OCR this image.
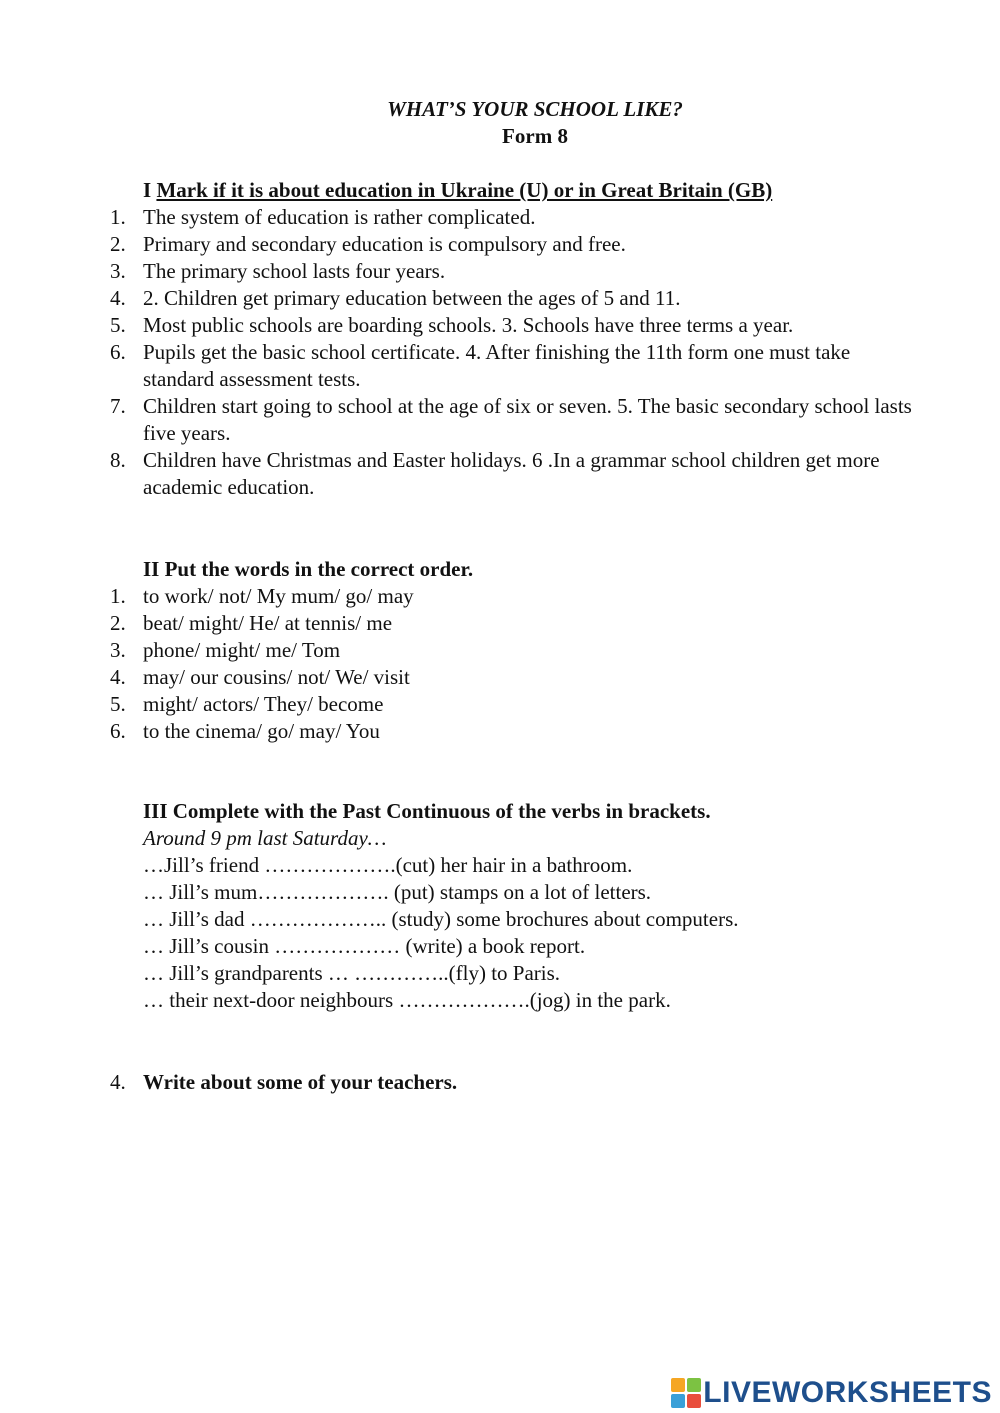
WHAT’S YOUR SCHOOL LIKE?
Form 8
I Mark if it is about education in Ukraine (U) or in Great Britain (GB)
1. The system of education is rather complicated.
2. Primary and secondary education is compulsory and free.
3. The primary school lasts four years.
4. 2. Children get primary education between the ages of 5 and 11.
5. Most public schools are boarding schools. 3. Schools have three terms a year.
6. Pupils get the basic school certificate. 4. After finishing the 11th form one must take standard assessment tests.
7. Children start going to school at the age of six or seven. 5. The basic secondary school lasts five years.
8. Children have Christmas and Easter holidays. 6 .In a grammar school children get more academic education.
II Put the words in the correct order.
1. to work/ not/ My mum/ go/ may
2. beat/ might/ He/ at tennis/ me
3. phone/ might/ me/ Tom
4. may/ our cousins/ not/ We/ visit
5. might/ actors/ They/ become
6. to the cinema/ go/ may/ You
III Complete with the Past Continuous of the verbs in brackets.
Around 9 pm last Saturday…
…Jill’s friend ……………….(cut) her hair in a bathroom.
… Jill’s mum………………. (put) stamps on a lot of letters.
… Jill’s dad ……………….. (study) some brochures about computers.
… Jill’s cousin ……………… (write) a book report.
… Jill’s grandparents … …………..(fly) to Paris.
… their next-door neighbours ……………….(jog) in the park.
4. Write about some of your teachers.
LIVEWORKSHEETS
